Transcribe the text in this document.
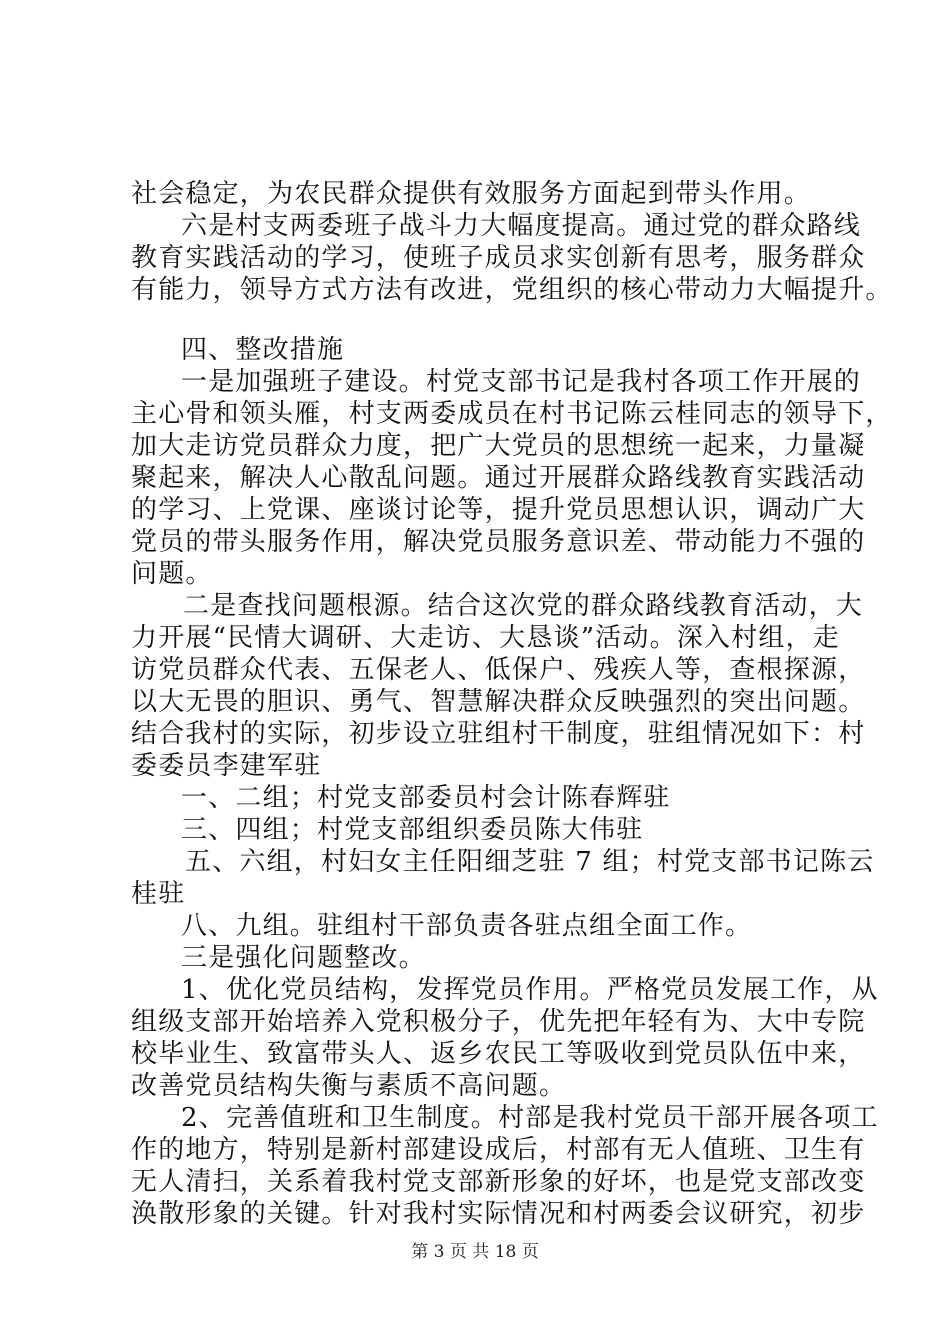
社会稳定，为农民群众提供有效服务方面起到带头作用。
六是村支两委班子战斗力大幅度提高。通过党的群众路线
教育实践活动的学习，使班子成员求实创新有思考，服务群众
有能力，领导方式方法有改进，党组织的核心带动力大幅提升。
四、整改措施
一是加强班子建设。村党支部书记是我村各项工作开展的
主心骨和领头雁，村支两委成员在村书记陈云桂同志的领导下，
加大走访党员群众力度，把广大党员的思想统一起来，力量凝
聚起来，解决人心散乱问题。通过开展群众路线教育实践活动
的学习、上党课、座谈讨论等，提升党员思想认识，调动广大
党员的带头服务作用，解决党员服务意识差、带动能力不强的
问题。
二是查找问题根源。结合这次党的群众路线教育活动，大
力开展“民情大调研、大走访、大恳谈”活动。深入村组，走
访党员群众代表、五保老人、低保户、残疾人等，查根探源，
以大无畏的胆识、勇气、智慧解决群众反映强烈的突出问题。
结合我村的实际，初步设立驻组村干制度，驻组情况如下：村
委委员李建军驻
一、二组；村党支部委员村会计陈春辉驻
三、四组；村党支部组织委员陈大伟驻
五、六组，村妇女主任阳细芝驻 7 组；村党支部书记陈云
桂驻
八、九组。驻组村干部负责各驻点组全面工作。
三是强化问题整改。
1、优化党员结构，发挥党员作用。严格党员发展工作，从
组级支部开始培养入党积极分子，优先把年轻有为、大中专院
校毕业生、致富带头人、返乡农民工等吸收到党员队伍中来，
改善党员结构失衡与素质不高问题。
2、完善值班和卫生制度。村部是我村党员干部开展各项工
作的地方，特别是新村部建设成后，村部有无人值班、卫生有
无人清扫，关系着我村党支部新形象的好坏，也是党支部改变
涣散形象的关键。针对我村实际情况和村两委会议研究，初步
第 3 页 共 18 页
